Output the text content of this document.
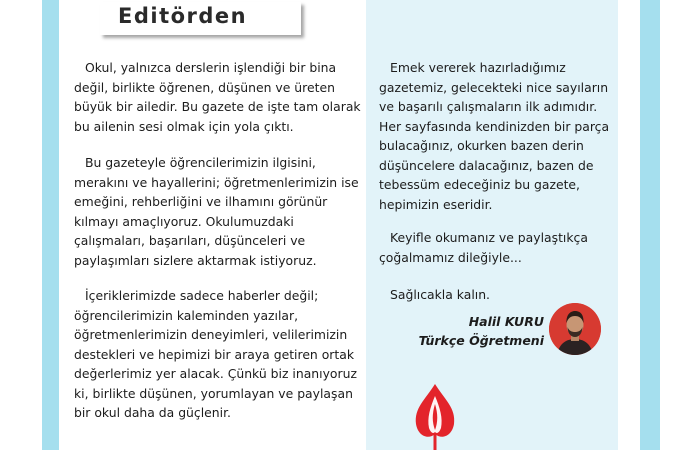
Editörden

Okul, yalnızca derslerin işlendiği bir bina değil, birlikte öğrenen, düşünen ve üreten büyük bir ailedir. Bu gazete de işte tam olarak bu ailenin sesi olmak için yola çıktı.

Bu gazeteyle öğrencilerimizin ilgisini, merakını ve hayallerini; öğretmenlerimizin ise emeğini, rehberliğini ve ilhamını görünür kılmayı amaçlıyoruz. Okulumuzdaki çalışmaları, başarıları, düşünceleri ve paylaşımları sizlere aktarmak istiyoruz.

İçeriklerimizde sadece haberler değil; öğrencilerimizin kaleminden yazılar, öğretmenlerimizin deneyimleri, velilerimizin destekleri ve hepimizi bir araya getiren ortak değerlerimiz yer alacak. Çünkü biz inanıyoruz ki, birlikte düşünen, yorumlayan ve paylaşan bir okul daha da güçlenir.

Emek vererek hazırladığımız gazetemiz, gelecekteki nice sayıların ve başarılı çalışmaların ilk adımıdır. Her sayfasında kendinizden bir parça bulacağınız, okurken bazen derin düşüncelere dalacağınız, bazen de tebessüm edeceğiniz bu gazete, hepimizin eseridir.

Keyifle okumanız ve paylaştıkça çoğalmamız dileğiyle...

Sağlıcakla kalın.

Halil KURU
Türkçe Öğretmeni
